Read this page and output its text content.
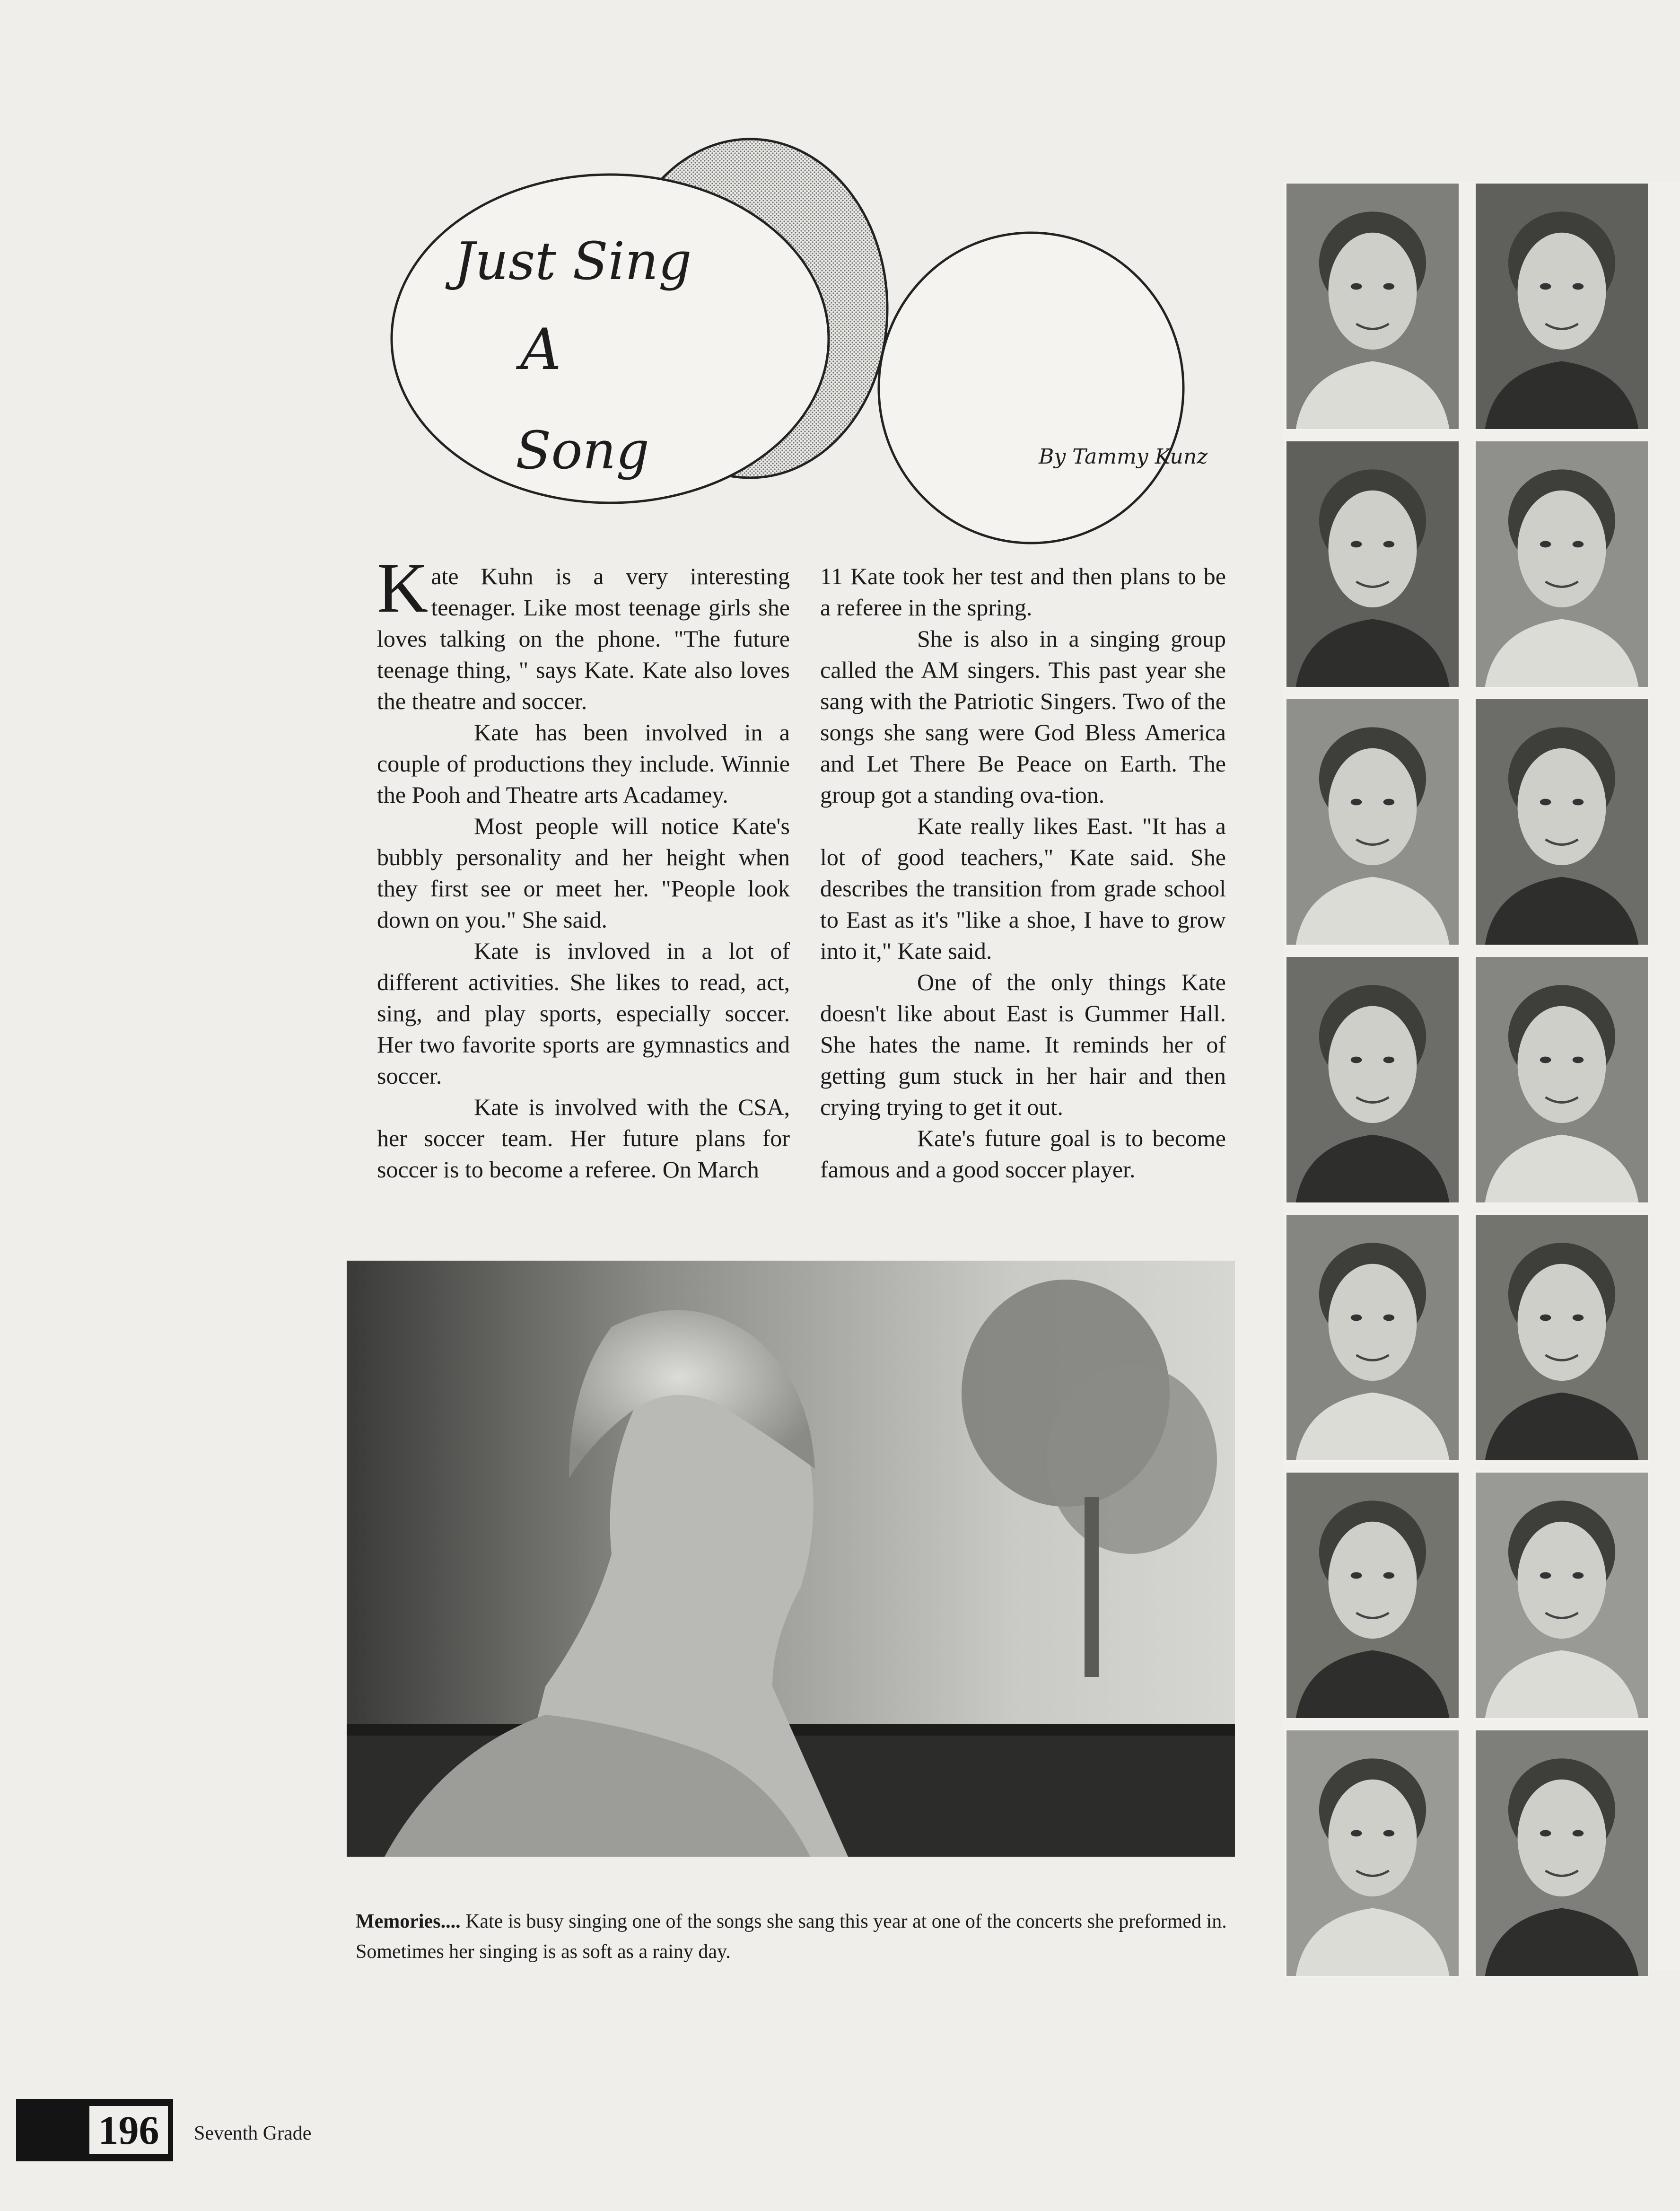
Just Sing
A
Song	By Tammy Kunz

Kate Kuhn is a very interesting teenager. Like most teenage girls she loves talking on the phone. "The future teenage thing, " says Kate. Kate also loves the theatre and soccer.

Kate has been involved in a couple of productions they include. Winnie the Pooh and Theatre arts Acadamey.

Most people will notice Kate's bubbly personality and her height when they first see or meet her. "People look down on you." She said.

Kate is invloved in a lot of different activities. She likes to read, act, sing, and play sports, especially soccer. Her two favorite sports are gymnastics and soccer.

Kate is involved with the CSA, her soccer team. Her future plans for soccer is to become a referee. On March

11 Kate took her test and then plans to be a referee in the spring.

She is also in a singing group called the AM singers. This past year she sang with the Patriotic Singers. Two of the songs she sang were God Bless America and Let There Be Peace on Earth. The group got a standing ova-tion.

Kate really likes East. "It has a lot of good teachers," Kate said. She describes the transition from grade school to East as it's "like a shoe, I have to grow into it," Kate said.

One of the only things Kate doesn't like about East is Gummer Hall. She hates the name. It reminds her of getting gum stuck in her hair and then crying trying to get it out.

Kate's future goal is to become famous and a good soccer player.

Memories.... Kate is busy singing one of the songs she sang this year at one of the concerts she preformed in. Sometimes her singing is as soft as a rainy day.
196	Seventh Grade
